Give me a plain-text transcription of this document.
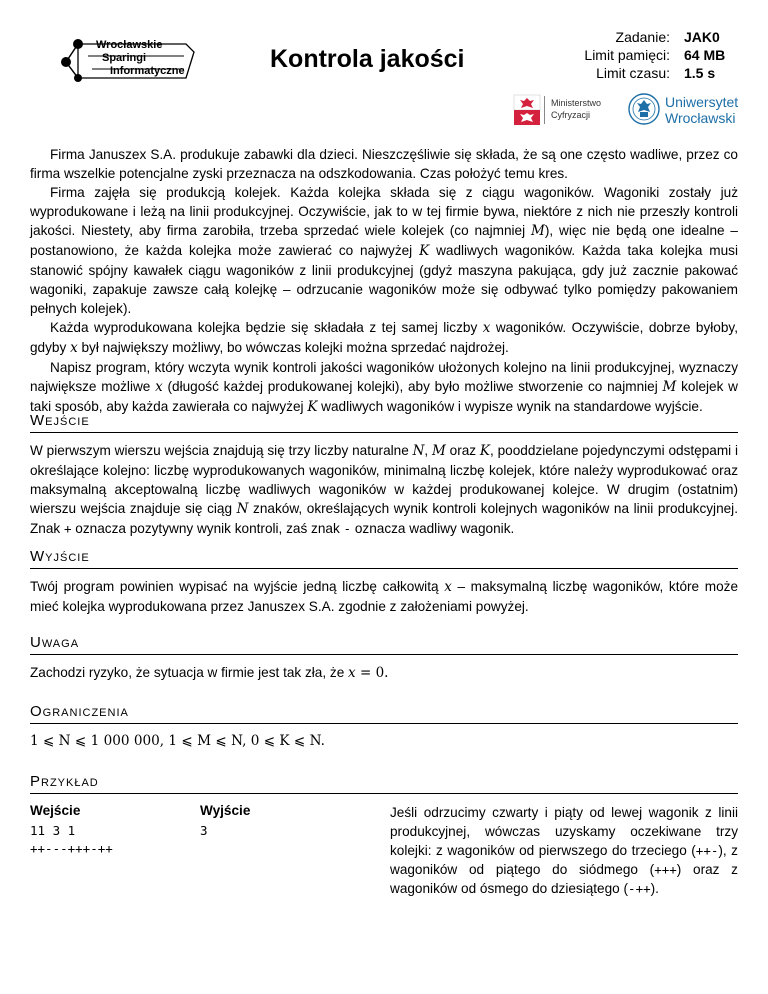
Wrocławskie
Sparingi
Informatyczne	Kontrola jakości
Zadanie:	JAK0
Limit pamięci:	64 MB
Limit czasu:	1.5 s
Ministerstwo
Cyfryzacji
Uniwersytet
Wrocławski

Firma Januszex S.A. produkuje zabawki dla dzieci. Nieszczęśliwie się składa, że są one często wadliwe, przez co firma wszelkie potencjalne zyski przeznacza na odszkodowania. Czas położyć temu kres.

Firma zajęła się produkcją kolejek. Każda kolejka składa się z ciągu wagoników. Wagoniki zostały już wyprodukowane i leżą na linii produkcyjnej. Oczywiście, jak to w tej firmie bywa, niektóre z nich nie przeszły kontroli jakości. Niestety, aby firma zarobiła, trzeba sprzedać wiele kolejek (co najmniej M), więc nie będą one idealne – postanowiono, że każda kolejka może zawierać co najwyżej K wadliwych wagoników. Każda taka kolejka musi stanowić spójny kawałek ciągu wagoników z linii produkcyjnej (gdyż maszyna pakująca, gdy już zacznie pakować wagoniki, zapakuje zawsze całą kolejkę – odrzucanie wagoników może się odbywać tylko pomiędzy pakowaniem pełnych kolejek).

Każda wyprodukowana kolejka będzie się składała z tej samej liczby x wagoników. Oczywiście, dobrze byłoby, gdyby x był największy możliwy, bo wówczas kolejki można sprzedać najdrożej.

Napisz program, który wczyta wynik kontroli jakości wagoników ułożonych kolejno na linii produkcyjnej, wyznaczy największe możliwe x (długość każdej produkowanej kolejki), aby było możliwe stworzenie co najmniej M kolejek w taki sposób, aby każda zawierała co najwyżej K wadliwych wagoników i wypisze wynik na standardowe wyjście.

Wejście
W pierwszym wierszu wejścia znajdują się trzy liczby naturalne N, M oraz K, pooddzielane pojedynczymi odstępami i określające kolejno: liczbę wyprodukowanych wagoników, minimalną liczbę kolejek, które należy wyprodukować oraz maksymalną akceptowalną liczbę wadliwych wagoników w każdej produkowanej kolejce. W drugim (ostatnim) wierszu wejścia znajduje się ciąg N znaków, określających wynik kontroli kolejnych wagoników na linii produkcyjnej. Znak + oznacza pozytywny wynik kontroli, zaś znak - oznacza wadliwy wagonik.
Wyjście
Twój program powinien wypisać na wyjście jedną liczbę całkowitą x – maksymalną liczbę wagoników, które może mieć kolejka wyprodukowana przez Januszex S.A. zgodnie z założeniami powyżej.
Uwaga
Zachodzi ryzyko, że sytuacja w firmie jest tak zła, że x = 0.
Ograniczenia
1 ⩽ N ⩽ 1 000 000, 1 ⩽ M ⩽ N, 0 ⩽ K ⩽ N.
Przykład
Wejście
11 3 1
++---+++-++
Wyjście
3
Jeśli odrzucimy czwarty i piąty od lewej wagonik z linii produkcyjnej, wówczas uzyskamy oczekiwane trzy kolejki: z wagoników od pierwszego do trzeciego (++-), z wagoników od piątego do siódmego (+++) oraz z wagoników od ósmego do dziesiątego (-++).
